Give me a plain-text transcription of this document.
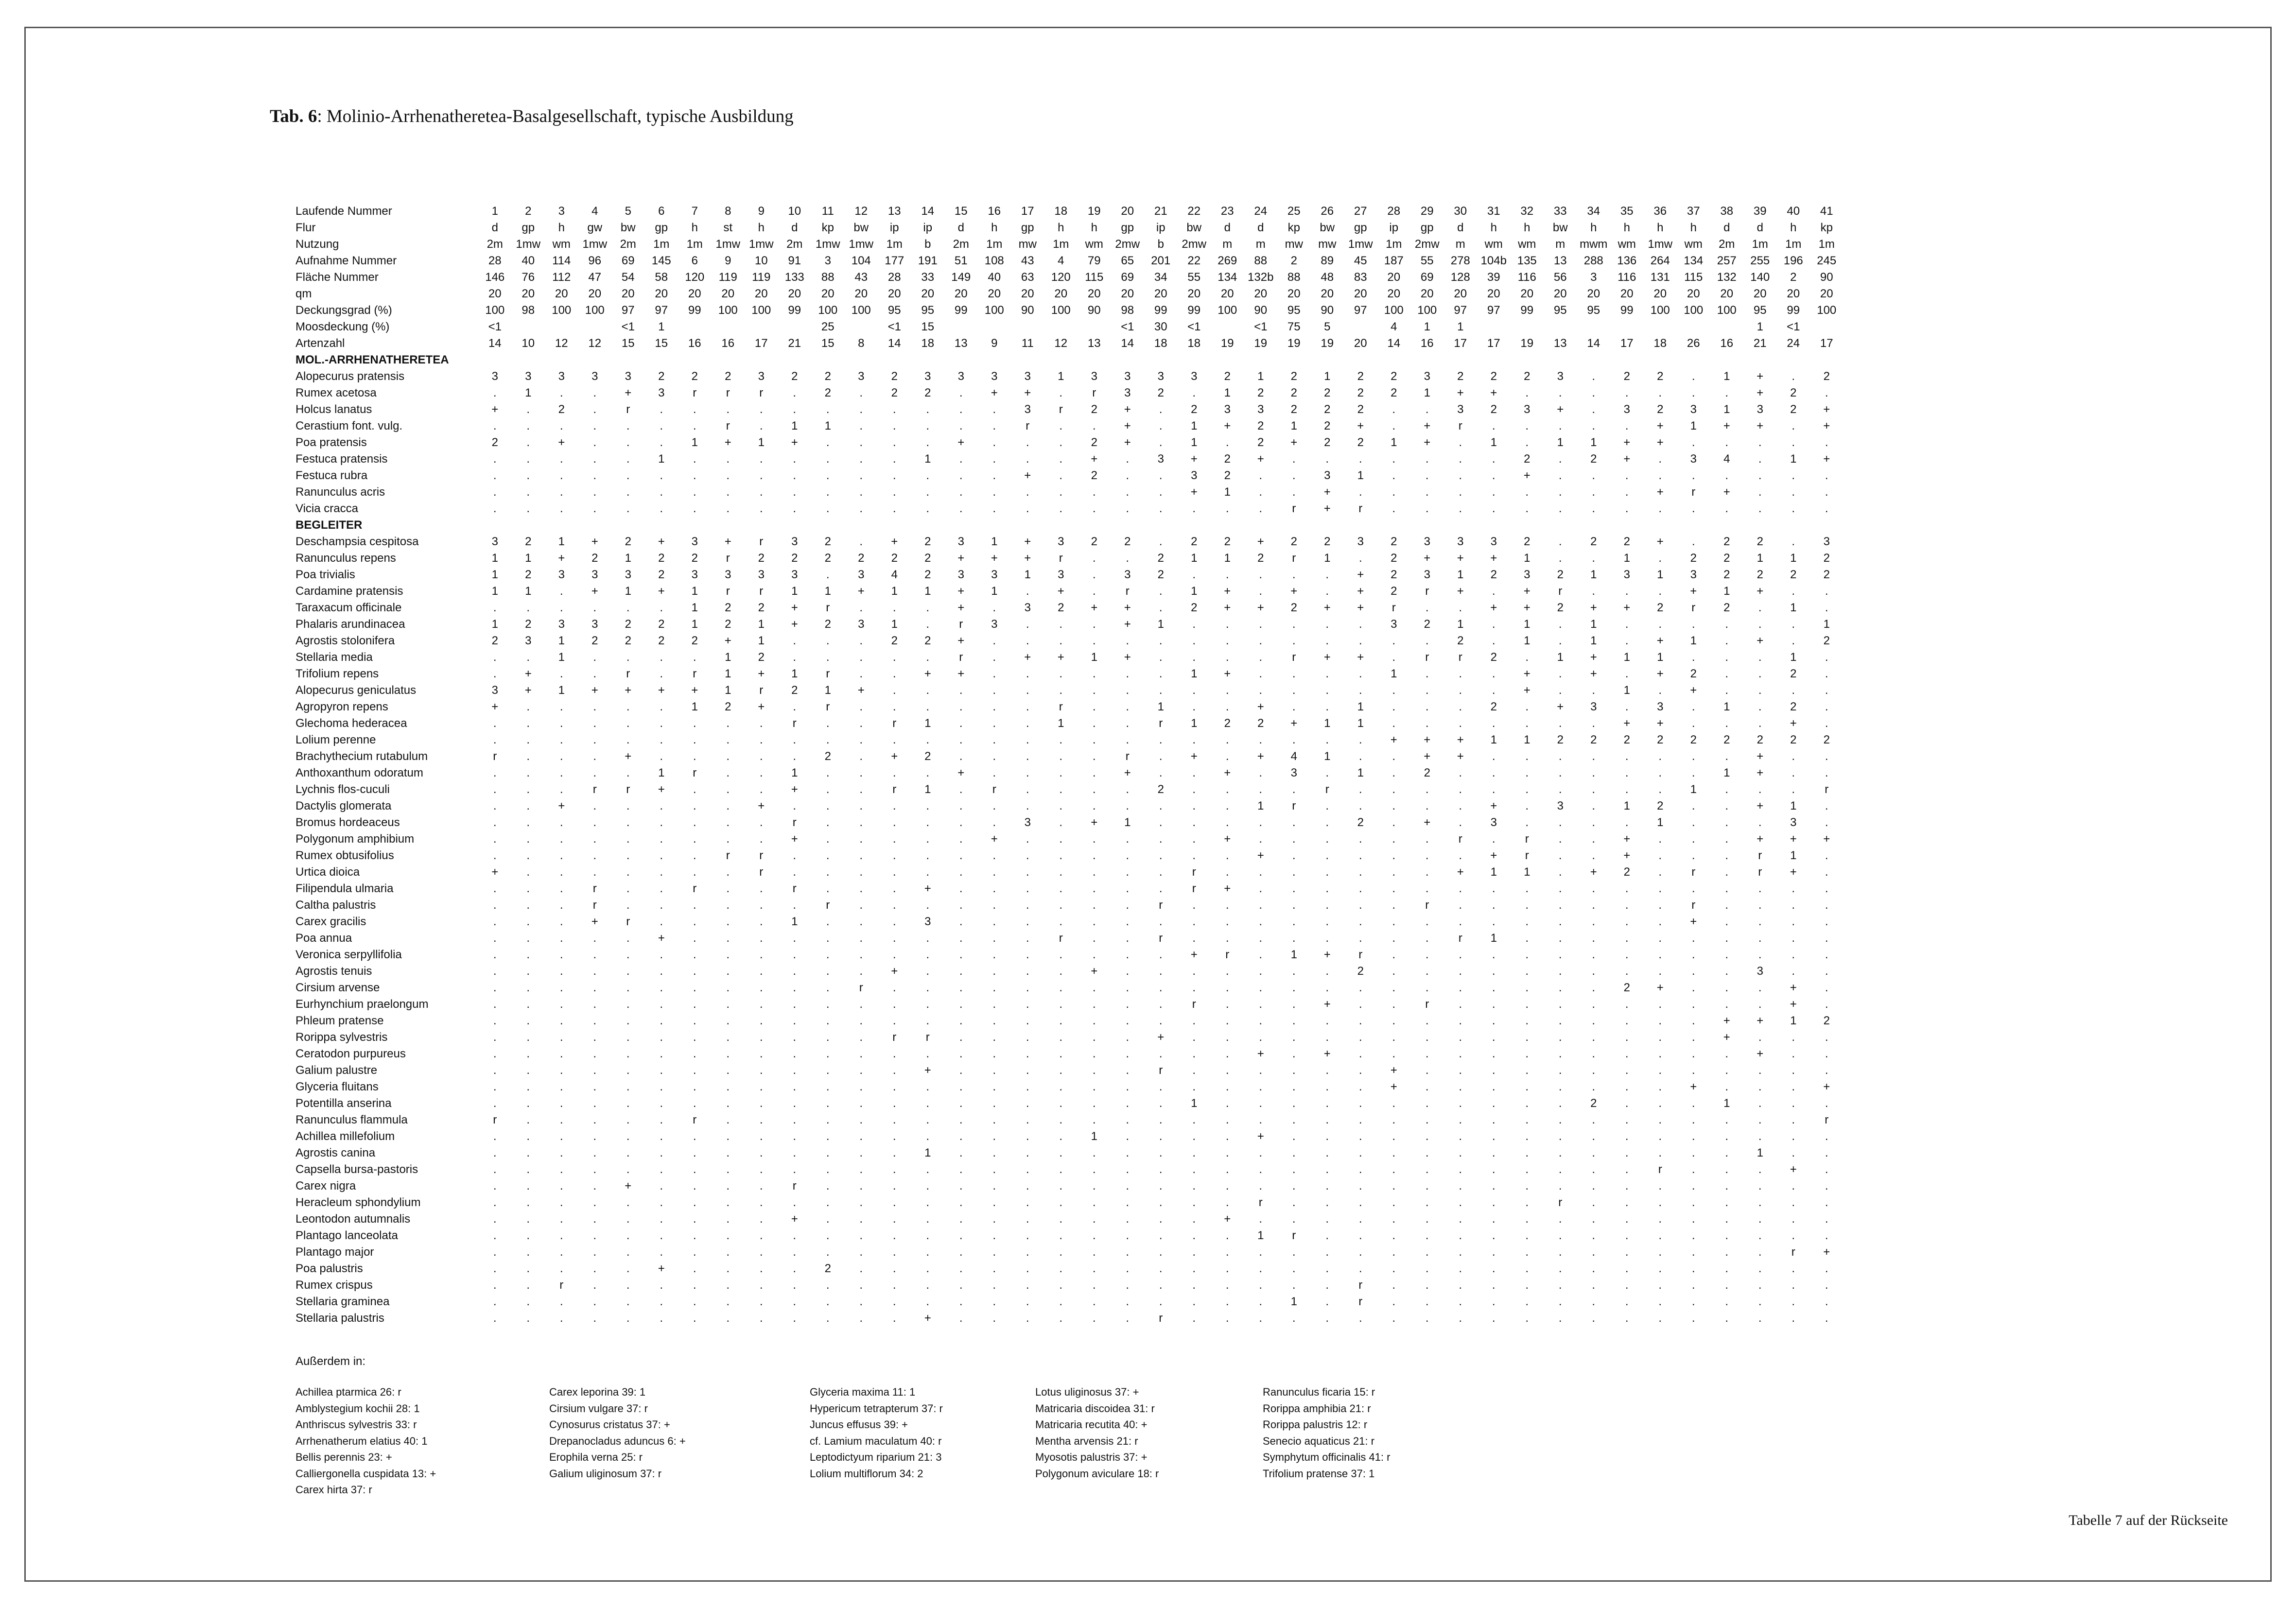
Tab. 6: Molinio-Arrhenatheretea-Basalgesellschaft, typische Ausbildung
Laufende Nummer	1	2	3	4	5	6	7	8	9	10	11	12	13	14	15	16	17	18	19	20	21	22	23	24	25	26	27	28	29	30	31	32	33	34	35	36	37	38	39	40	41
Flur	d	gp	h	gw	bw	gp	h	st	h	d	kp	bw	ip	ip	d	h	gp	h	h	gp	ip	bw	d	d	kp	bw	gp	ip	gp	d	h	h	bw	h	h	h	h	d	d	h	kp
Nutzung	2m	1mw	wm	1mw	2m	1m	1m	1mw	1mw	2m	1mw	1mw	1m	b	2m	1m	mw	1m	wm	2mw	b	2mw	m	m	mw	mw	1mw	1m	2mw	m	wm	wm	m	mwm	wm	1mw	wm	2m	1m	1m	1m
Aufnahme Nummer	28	40	114	96	69	145	6	9	10	91	3	104	177	191	51	108	43	4	79	65	201	22	269	88	2	89	45	187	55	278	104b	135	13	288	136	264	134	257	255	196	245
Fläche Nummer	146	76	112	47	54	58	120	119	119	133	88	43	28	33	149	40	63	120	115	69	34	55	134	132b	88	48	83	20	69	128	39	116	56	3	116	131	115	132	140	2	90
qm	20	20	20	20	20	20	20	20	20	20	20	20	20	20	20	20	20	20	20	20	20	20	20	20	20	20	20	20	20	20	20	20	20	20	20	20	20	20	20	20	20
Deckungsgrad (%)	100	98	100	100	97	97	99	100	100	99	100	100	95	95	99	100	90	100	90	98	99	99	100	90	95	90	97	100	100	97	97	99	95	95	99	100	100	100	95	99	100
Moosdeckung (%)	<1				<1	1					25		<1	15						<1	30	<1		<1	75	5		4	1	1									1	<1	
Artenzahl	14	10	12	12	15	15	16	16	17	21	15	8	14	18	13	9	11	12	13	14	18	18	19	19	19	19	20	14	16	17	17	19	13	14	17	18	26	16	21	24	17
MOL.-ARRHENATHERETEA																																									
Alopecurus pratensis	3	3	3	3	3	2	2	2	3	2	2	3	2	3	3	3	3	1	3	3	3	3	2	1	2	1	2	2	3	2	2	2	3	.	2	2	.	1	+	.	2
Rumex acetosa	.	1	.	.	+	3	r	r	r	.	2	.	2	2	.	+	+	.	r	3	2	.	1	2	2	2	2	2	1	+	+	.	.	.	.	.	.	.	+	2	.
Holcus lanatus	+	.	2	.	r	.	.	.	.	.	.	.	.	.	.	.	3	r	2	+	.	2	3	3	2	2	2	.	.	3	2	3	+	.	3	2	3	1	3	2	+
Cerastium font. vulg.	.	.	.	.	.	.	.	r	.	1	1	.	.	.	.	.	r	.	.	+	.	1	+	2	1	2	+	.	+	r	.	.	.	.	.	+	1	+	+	.	+
Poa pratensis	2	.	+	.	.	.	1	+	1	+	.	.	.	.	+	.	.	.	2	+	.	1	.	2	+	2	2	1	+	.	1	.	1	1	+	+	.	.	.	.	.
Festuca pratensis	.	.	.	.	.	1	.	.	.	.	.	.	.	1	.	.	.	.	+	.	3	+	2	+	.	.	.	.	.	.	.	2	.	2	+	.	3	4	.	1	+
Festuca rubra	.	.	.	.	.	.	.	.	.	.	.	.	.	.	.	.	+	.	2	.	.	3	2	.	.	3	1	.	.	.	.	+	.	.	.	.	.	.	.	.	.
Ranunculus acris	.	.	.	.	.	.	.	.	.	.	.	.	.	.	.	.	.	.	.	.	.	+	1	.	.	+	.	.	.	.	.	.	.	.	.	+	r	+	.	.	.
Vicia cracca	.	.	.	.	.	.	.	.	.	.	.	.	.	.	.	.	.	.	.	.	.	.	.	.	r	+	r	.	.	.	.	.	.	.	.	.	.	.	.	.	.
BEGLEITER																																									
Deschampsia cespitosa	3	2	1	+	2	+	3	+	r	3	2	.	+	2	3	1	+	3	2	2	.	2	2	+	2	2	3	2	3	3	3	2	.	2	2	+	.	2	2	.	3
Ranunculus repens	1	1	+	2	1	2	2	r	2	2	2	2	2	2	+	+	+	r	.	.	2	1	1	2	r	1	.	2	+	+	+	1	.	.	1	.	2	2	1	1	2
Poa trivialis	1	2	3	3	3	2	3	3	3	3	.	3	4	2	3	3	1	3	.	3	2	.	.	.	.	.	+	2	3	1	2	3	2	1	3	1	3	2	2	2	2
Cardamine pratensis	1	1	.	+	1	+	1	r	r	1	1	+	1	1	+	1	.	+	.	r	.	1	+	.	+	.	+	2	r	+	.	+	r	.	.	.	+	1	+	.	.
Taraxacum officinale	.	.	.	.	.	.	1	2	2	+	r	.	.	.	+	.	3	2	+	+	.	2	+	+	2	+	+	r	.	.	+	+	2	+	+	2	r	2	.	1	.
Phalaris arundinacea	1	2	3	3	2	2	1	2	1	+	2	3	1	.	r	3	.	.	.	+	1	.	.	.	.	.	.	3	2	1	.	1	.	1	.	.	.	.	.	.	1
Agrostis stolonifera	2	3	1	2	2	2	2	+	1	.	.	.	2	2	+	.	.	.	.	.	.	.	.	.	.	.	.	.	.	2	.	1	.	1	.	+	1	.	+	.	2
Stellaria media	.	.	1	.	.	.	.	1	2	.	.	.	.	.	r	.	+	+	1	+	.	.	.	.	r	+	+	.	r	r	2	.	1	+	1	1	.	.	.	1	.
Trifolium repens	.	+	.	.	r	.	r	1	+	1	r	.	.	+	+	.	.	.	.	.	.	1	+	.	.	.	.	1	.	.	.	+	.	+	.	+	2	.	.	2	.
Alopecurus geniculatus	3	+	1	+	+	+	+	1	r	2	1	+	.	.	.	.	.	.	.	.	.	.	.	.	.	.	.	.	.	.	.	+	.	.	1	.	+	.	.	.	.
Agropyron repens	+	.	.	.	.	.	1	2	+	.	r	.	.	.	.	.	.	r	.	.	1	.	.	+	.	.	1	.	.	.	2	.	+	3	.	3	.	1	.	2	.
Glechoma hederacea	.	.	.	.	.	.	.	.	.	r	.	.	r	1	.	.	.	1	.	.	r	1	2	2	+	1	1	.	.	.	.	.	.	.	+	+	.	.	.	+	.
Lolium perenne	.	.	.	.	.	.	.	.	.	.	.	.	.	.	.	.	.	.	.	.	.	.	.	.	.	.	.	+	+	+	1	1	2	2	2	2	2	2	2	2	2
Brachythecium rutabulum	r	.	.	.	+	.	.	.	.	.	2	.	+	2	.	.	.	.	.	r	.	+	.	+	4	1	.	.	+	+	.	.	.	.	.	.	.	.	+	.	.
Anthoxanthum odoratum	.	.	.	.	.	1	r	.	.	1	.	.	.	.	+	.	.	.	.	+	.	.	+	.	3	.	1	.	2	.	.	.	.	.	.	.	.	1	+	.	.
Lychnis flos-cuculi	.	.	.	r	r	+	.	.	.	+	.	.	r	1	.	r	.	.	.	.	2	.	.	.	.	r	.	.	.	.	.	.	.	.	.	.	1	.	.	.	r
Dactylis glomerata	.	.	+	.	.	.	.	.	+	.	.	.	.	.	.	.	.	.	.	.	.	.	.	1	r	.	.	.	.	.	+	.	3	.	1	2	.	.	+	1	.
Bromus hordeaceus	.	.	.	.	.	.	.	.	.	r	.	.	.	.	.	.	3	.	+	1	.	.	.	.	.	.	2	.	+	.	3	.	.	.	.	1	.	.	.	3	.
Polygonum amphibium	.	.	.	.	.	.	.	.	.	+	.	.	.	.	.	+	.	.	.	.	.	.	+	.	.	.	.	.	.	r	.	r	.	.	+	.	.	.	+	+	+
Rumex obtusifolius	.	.	.	.	.	.	.	r	r	.	.	.	.	.	.	.	.	.	.	.	.	.	.	+	.	.	.	.	.	.	+	r	.	.	+	.	.	.	r	1	.
Urtica dioica	+	.	.	.	.	.	.	.	r	.	.	.	.	.	.	.	.	.	.	.	.	r	.	.	.	.	.	.	.	+	1	1	.	+	2	.	r	.	r	+	.
Filipendula ulmaria	.	.	.	r	.	.	r	.	.	r	.	.	.	+	.	.	.	.	.	.	.	r	+	.	.	.	.	.	.	.	.	.	.	.	.	.	.	.	.	.	.
Caltha palustris	.	.	.	r	.	.	.	.	.	.	r	.	.	.	.	.	.	.	.	.	r	.	.	.	.	.	.	.	r	.	.	.	.	.	.	.	r	.	.	.	.
Carex gracilis	.	.	.	+	r	.	.	.	.	1	.	.	.	3	.	.	.	.	.	.	.	.	.	.	.	.	.	.	.	.	.	.	.	.	.	.	+	.	.	.	.
Poa annua	.	.	.	.	.	+	.	.	.	.	.	.	.	.	.	.	.	r	.	.	r	.	.	.	.	.	.	.	.	r	1	.	.	.	.	.	.	.	.	.	.
Veronica serpyllifolia	.	.	.	.	.	.	.	.	.	.	.	.	.	.	.	.	.	.	.	.	.	+	r	.	1	+	r	.	.	.	.	.	.	.	.	.	.	.	.	.	.
Agrostis tenuis	.	.	.	.	.	.	.	.	.	.	.	.	+	.	.	.	.	.	+	.	.	.	.	.	.	.	2	.	.	.	.	.	.	.	.	.	.	.	3	.	.
Cirsium arvense	.	.	.	.	.	.	.	.	.	.	.	r	.	.	.	.	.	.	.	.	.	.	.	.	.	.	.	.	.	.	.	.	.	.	2	+	.	.	.	+	.
Eurhynchium praelongum	.	.	.	.	.	.	.	.	.	.	.	.	.	.	.	.	.	.	.	.	.	r	.	.	.	+	.	.	r	.	.	.	.	.	.	.	.	.	.	+	.
Phleum pratense	.	.	.	.	.	.	.	.	.	.	.	.	.	.	.	.	.	.	.	.	.	.	.	.	.	.	.	.	.	.	.	.	.	.	.	.	.	+	+	1	2
Rorippa sylvestris	.	.	.	.	.	.	.	.	.	.	.	.	r	r	.	.	.	.	.	.	+	.	.	.	.	.	.	.	.	.	.	.	.	.	.	.	.	+	.	.	.
Ceratodon purpureus	.	.	.	.	.	.	.	.	.	.	.	.	.	.	.	.	.	.	.	.	.	.	.	+	.	+	.	.	.	.	.	.	.	.	.	.	.	.	+	.	.
Galium palustre	.	.	.	.	.	.	.	.	.	.	.	.	.	+	.	.	.	.	.	.	r	.	.	.	.	.	.	+	.	.	.	.	.	.	.	.	.	.	.	.	.
Glyceria fluitans	.	.	.	.	.	.	.	.	.	.	.	.	.	.	.	.	.	.	.	.	.	.	.	.	.	.	.	+	.	.	.	.	.	.	.	.	+	.	.	.	+
Potentilla anserina	.	.	.	.	.	.	.	.	.	.	.	.	.	.	.	.	.	.	.	.	.	1	.	.	.	.	.	.	.	.	.	.	.	2	.	.	.	1	.	.	.
Ranunculus flammula	r	.	.	.	.	.	r	.	.	.	.	.	.	.	.	.	.	.	.	.	.	.	.	.	.	.	.	.	.	.	.	.	.	.	.	.	.	.	.	.	r
Achillea millefolium	.	.	.	.	.	.	.	.	.	.	.	.	.	.	.	.	.	.	1	.	.	.	.	+	.	.	.	.	.	.	.	.	.	.	.	.	.	.	.	.	.
Agrostis canina	.	.	.	.	.	.	.	.	.	.	.	.	.	1	.	.	.	.	.	.	.	.	.	.	.	.	.	.	.	.	.	.	.	.	.	.	.	.	1	.	.
Capsella bursa-pastoris	.	.	.	.	.	.	.	.	.	.	.	.	.	.	.	.	.	.	.	.	.	.	.	.	.	.	.	.	.	.	.	.	.	.	.	r	.	.	.	+	.
Carex nigra	.	.	.	.	+	.	.	.	.	r	.	.	.	.	.	.	.	.	.	.	.	.	.	.	.	.	.	.	.	.	.	.	.	.	.	.	.	.	.	.	.
Heracleum sphondylium	.	.	.	.	.	.	.	.	.	.	.	.	.	.	.	.	.	.	.	.	.	.	.	r	.	.	.	.	.	.	.	.	r	.	.	.	.	.	.	.	.
Leontodon autumnalis	.	.	.	.	.	.	.	.	.	+	.	.	.	.	.	.	.	.	.	.	.	.	+	.	.	.	.	.	.	.	.	.	.	.	.	.	.	.	.	.	.
Plantago lanceolata	.	.	.	.	.	.	.	.	.	.	.	.	.	.	.	.	.	.	.	.	.	.	.	1	r	.	.	.	.	.	.	.	.	.	.	.	.	.	.	.	.
Plantago major	.	.	.	.	.	.	.	.	.	.	.	.	.	.	.	.	.	.	.	.	.	.	.	.	.	.	.	.	.	.	.	.	.	.	.	.	.	.	.	r	+
Poa palustris	.	.	.	.	.	+	.	.	.	.	2	.	.	.	.	.	.	.	.	.	.	.	.	.	.	.	.	.	.	.	.	.	.	.	.	.	.	.	.	.	.
Rumex crispus	.	.	r	.	.	.	.	.	.	.	.	.	.	.	.	.	.	.	.	.	.	.	.	.	.	.	r	.	.	.	.	.	.	.	.	.	.	.	.	.	.
Stellaria graminea	.	.	.	.	.	.	.	.	.	.	.	.	.	.	.	.	.	.	.	.	.	.	.	.	1	.	r	.	.	.	.	.	.	.	.	.	.	.	.	.	.
Stellaria palustris	.	.	.	.	.	.	.	.	.	.	.	.	.	+	.	.	.	.	.	.	r	.	.	.	.	.	.	.	.	.	.	.	.	.	.	.	.	.	.	.	.
Außerdem in:
Achillea ptarmica 26: r
Amblystegium kochii 28: 1
Anthriscus sylvestris 33: r
Arrhenatherum elatius 40: 1
Bellis perennis 23: +
Calliergonella cuspidata 13: +
Carex hirta 37: r
Carex leporina 39: 1
Cirsium vulgare 37: r
Cynosurus cristatus 37: +
Drepanocladus aduncus 6: +
Erophila verna 25: r
Galium uliginosum 37: r
Glyceria maxima 11: 1
Hypericum tetrapterum 37: r
Juncus effusus 39: +
cf. Lamium maculatum 40: r
Leptodictyum riparium 21: 3
Lolium multiflorum 34: 2
Lotus uliginosus 37: +
Matricaria discoidea 31: r
Matricaria recutita 40: +
Mentha arvensis 21: r
Myosotis palustris 37: +
Polygonum aviculare 18: r
Ranunculus ficaria 15: r
Rorippa amphibia 21: r
Rorippa palustris 12: r
Senecio aquaticus 21: r
Symphytum officinalis 41: r
Trifolium pratense 37: 1
Tabelle 7 auf der Rückseite
